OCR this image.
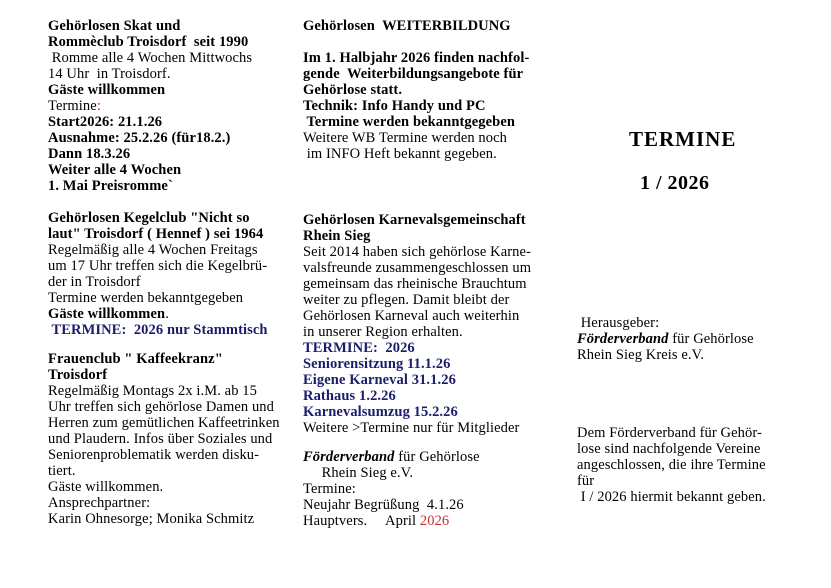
TERMINE
1 / 2026
Gehörlosen Skat und
Rommèclub Troisdorf  seit 1990
Romme alle 4 Wochen Mittwochs
14 Uhr  in Troisdorf.
Gäste willkommen
Termine:
Start2026: 21.1.26
Ausnahme: 25.2.26 (für18.2.)
Dann 18.3.26
Weiter alle 4 Wochen
1. Mai Preisromme`
Gehörlosen Kegelclub "Nicht so
laut" Troisdorf ( Hennef ) sei 1964
Regelmäßig alle 4 Wochen Freitags
um 17 Uhr treffen sich die Kegelbrü-
der in Troisdorf
Termine werden bekanntgegeben
Gäste willkommen.
TERMINE:  2026 nur Stammtisch
Frauenclub " Kaffeekranz"
Troisdorf
Regelmäßig Montags 2x i.M. ab 15
Uhr treffen sich gehörlose Damen und
Herren zum gemütlichen Kaffeetrinken
und Plaudern. Infos über Soziales und
Seniorenproblematik werden disku-
tiert.
Gäste willkommen.
Ansprechpartner:
Karin Ohnesorge; Monika Schmitz
Gehörlosen  WEITERBILDUNG
Im 1. Halbjahr 2026 finden nachfol-
gende  Weiterbildungsangebote für
Gehörlose statt.
Technik: Info Handy und PC
Termine werden bekanntgegeben
Weitere WB Termine werden noch
im INFO Heft bekannt gegeben.
Gehörlosen Karnevalsgemeinschaft
Rhein Sieg
Seit 2014 haben sich gehörlose Karne-
valsfreunde zusammengeschlossen um
gemeinsam das rheinische Brauchtum
weiter zu pflegen. Damit bleibt der
Gehörlosen Karneval auch weiterhin
in unserer Region erhalten.
TERMINE:  2026
Seniorensitzung 11.1.26
Eigene Karneval 31.1.26
Rathaus 1.2.26
Karnevalsumzug 15.2.26
Weitere >Termine nur für Mitglieder
Förderverband für Gehörlose
Rhein Sieg e.V.
Termine:
Neujahr Begrüßung  4.1.26
Hauptvers.     April 2026
Herausgeber:
Förderverband für Gehörlose
Rhein Sieg Kreis e.V.
Dem Förderverband für Gehör-
lose sind nachfolgende Vereine
angeschlossen, die ihre Termine
für
I / 2026 hiermit bekannt geben.
